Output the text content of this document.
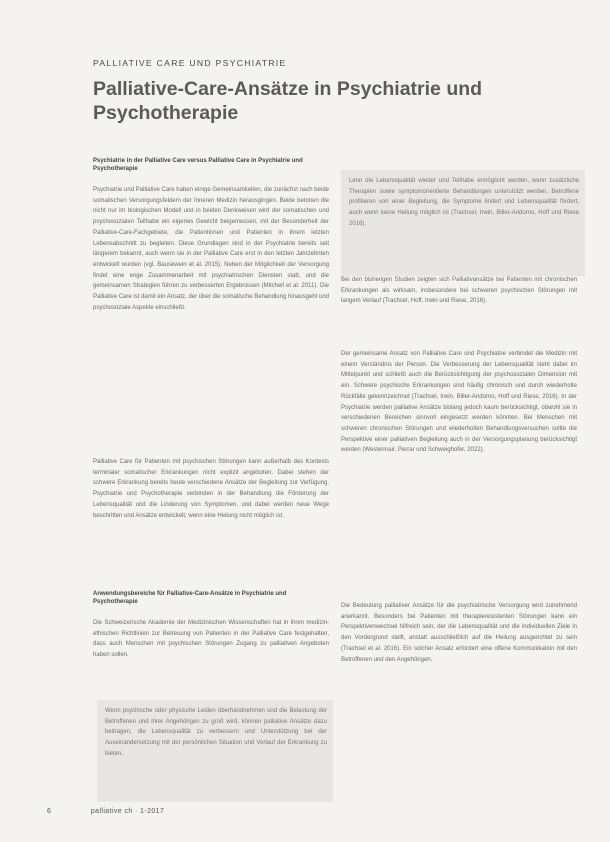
PALLIATIVE CARE UND PSYCHIATRIE
Palliative-Care-Ansätze in Psychiatrie und Psychotherapie

Psychiatrie in der Palliative Care versus Palliative Care in Psychiatrie und Psychotherapie

Psychiatrie und Palliative Care haben einige Gemeinsamkeiten, die zunächst nach beide somatischen Versorgungsfeldern der Inneren Medizin herausgingen. Beide betonen die nicht nur im biologischen Modell und in beiden Denkweisen wird der somatischen und psychosozialen Teilhabe ein eigenes Gewicht beigemessen, mit der Besonderheit der Palliative-Care-Fachgebiete, die Patientinnen und Patienten in ihrem letzten Lebensabschnitt zu begleiten. Diese Grundlagen sind in der Psychiatrie bereits seit längerem bekannt, auch wenn sie in der Palliative Care erst in den letzten Jahrzehnten entwickelt wurden (vgl. Bausewein et al. 2015). Neben der Möglichkeit der Versorgung findet eine enge Zusammenarbeit mit psychiatrischen Diensten statt, und die gemeinsamen Strategien führen zu verbesserten Ergebnissen (Mitchell et al. 2011). Die Palliative Care ist damit ein Ansatz, der über die somatische Behandlung hinausgeht und psychosoziale Aspekte einschließt.

Palliative Care für Patienten mit psychischen Störungen kann außerhalb des Kontexts terminaler somatischer Erkrankungen nicht explizit angeboten. Dabei stehen der schwere Erkrankung bereits heute verschiedene Ansätze der Begleitung zur Verfügung. Psychiatrie und Psychotherapie verbinden in der Behandlung die Förderung der Lebensqualität und die Linderung von Symptomen, und dabei werden neue Wege beschritten und Ansätze entwickelt, wenn eine Heilung nicht möglich ist.

Anwendungsbereiche für Palliative-Care-Ansätze in Psychiatrie und Psychotherapie

Die Schweizerische Akademie der Medizinischen Wissenschaften hat in ihren medizin-ethischen Richtlinien zur Betreuung von Patienten in der Palliative Care festgehalten, dass auch Menschen mit psychischen Störungen Zugang zu palliativen Angeboten haben sollen.

Wenn psychische oder physische Leiden überhandnehmen und die Belastung der Betroffenen und ihrer Angehörigen zu groß wird, können palliative Ansätze dazu beitragen, die Lebensqualität zu verbessern und Unterstützung bei der Auseinandersetzung mit der persönlichen Situation und Verlauf der Erkrankung zu bieten.

Lenn die Lebensqualität wieder und Teilhabe ermöglicht werden, wenn zusätzliche Therapien sowie symptomorientierte Behandlungen unterstützt werden. Betroffene profitieren von einer Begleitung, die Symptome lindert und Lebensqualität fördert, auch wenn keine Heilung möglich ist (Trachsel, Irwin, Biller-Andorno, Hoff und Riese 2016).

Bei den bisherigen Studien zeigten sich Palliativansätze bei Patienten mit chronischen Erkrankungen als wirksam, insbesondere bei schweren psychischen Störungen mit langem Verlauf (Trachsel, Hoff, Irwin und Riese, 2016).

Der gemeinsame Ansatz von Palliative Care und Psychiatrie verbindet die Medizin mit einem Verständnis der Person. Die Verbesserung der Lebensqualität steht dabei im Mittelpunkt und schließt auch die Berücksichtigung der psychosozialen Dimension mit ein. Schwere psychische Erkrankungen sind häufig chronisch und durch wiederholte Rückfälle gekennzeichnet (Trachsel, Irwin, Biller-Andorno, Hoff und Riese, 2016). In der Psychiatrie werden palliative Ansätze bislang jedoch kaum berücksichtigt, obwohl sie in verschiedenen Bereichen sinnvoll eingesetzt werden könnten. Bei Menschen mit schweren chronischen Störungen und wiederholten Behandlungsversuchen sollte die Perspektive einer palliativen Begleitung auch in der Versorgungsplanung berücksichtigt werden (Westermair, Perrar und Schweighofer, 2022).

Die Bedeutung palliativer Ansätze für die psychiatrische Versorgung wird zunehmend anerkannt. Besonders bei Patienten mit therapieresistenten Störungen kann ein Perspektivenwechsel hilfreich sein, der die Lebensqualität und die individuellen Ziele in den Vordergrund stellt, anstatt ausschließlich auf die Heilung ausgerichtet zu sein (Trachsel et al. 2016). Ein solcher Ansatz erfordert eine offene Kommunikation mit den Betroffenen und den Angehörigen.

6	palliative ch · 1-2017
